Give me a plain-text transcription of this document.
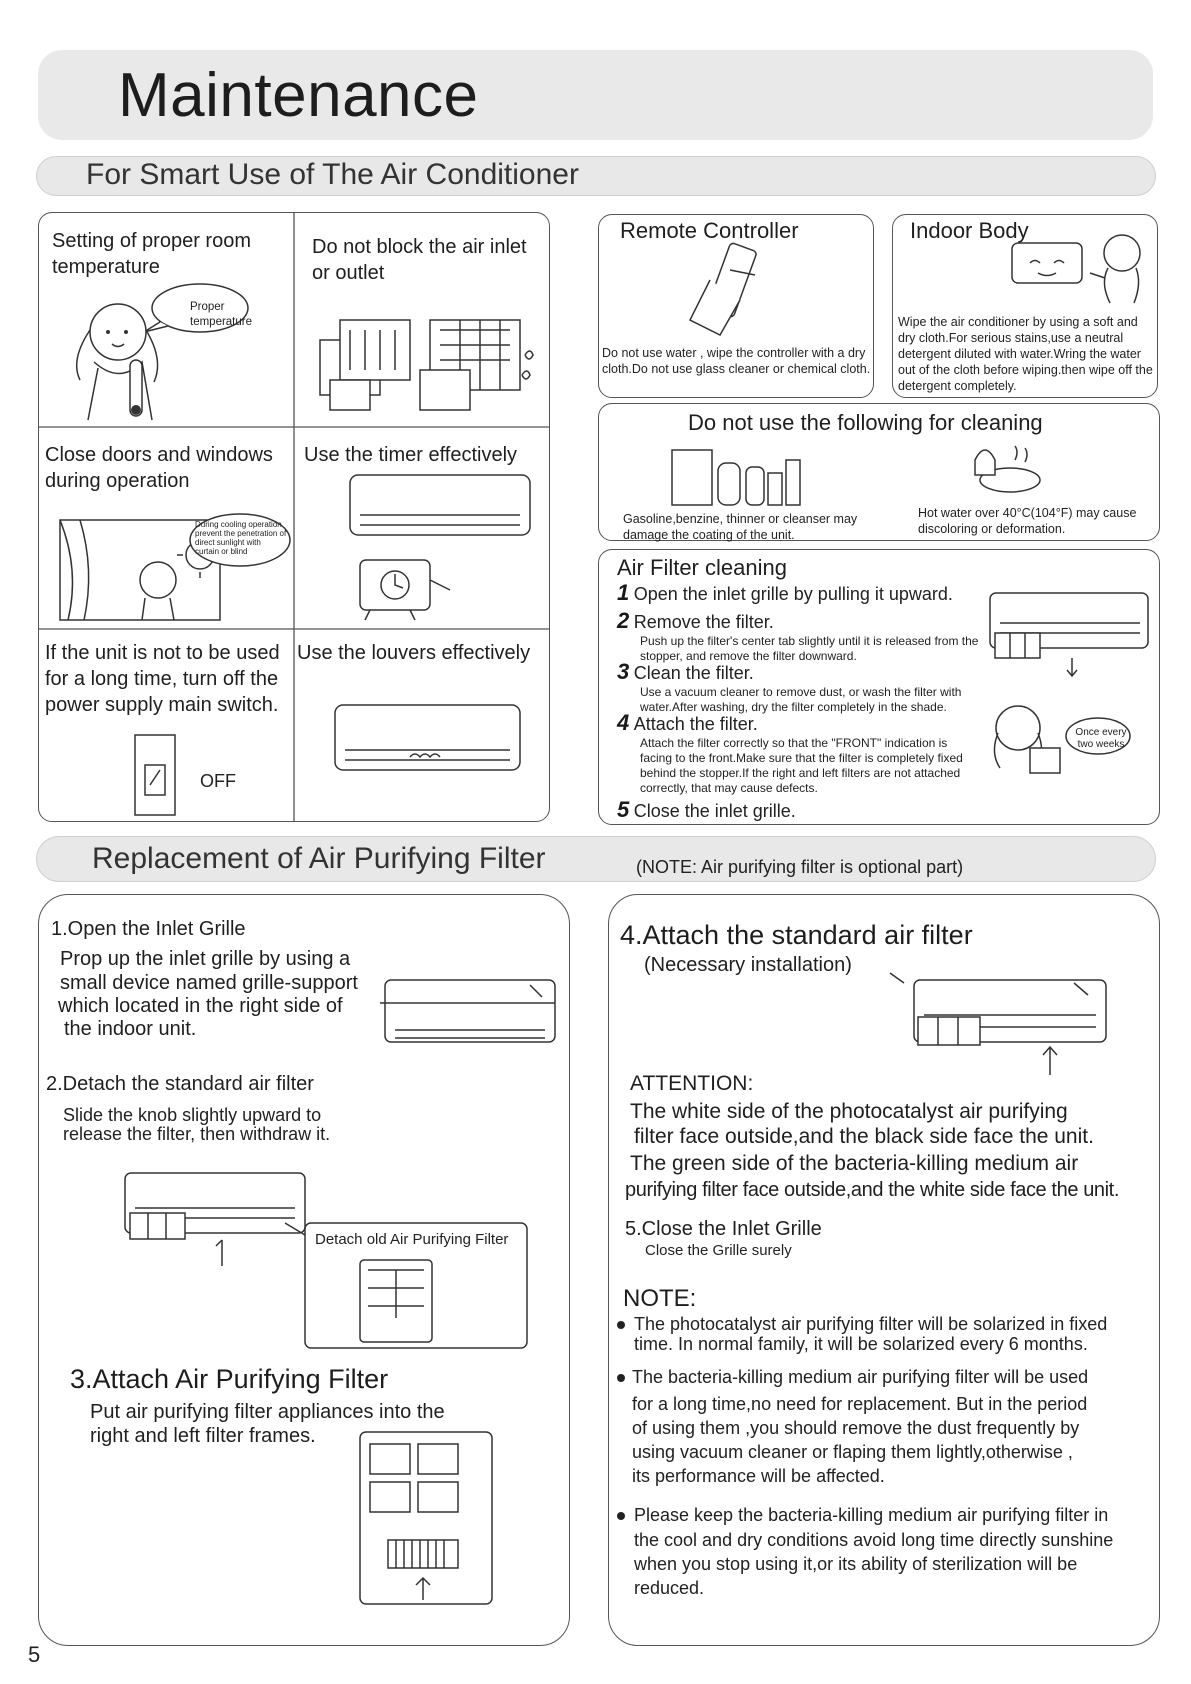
Maintenance
For Smart Use of The Air Conditioner
Setting of proper room temperature
Proper temperature
Do not block the air inlet or outlet
Close doors and windows during operation
During cooling operation prevent the penetration of direct sunlight with curtain or blind
Use the timer effectively
If the unit is not to be used for a long time, turn off the power supply main switch.
OFF
Use the louvers effectively
Remote Controller
Do not use water , wipe the controller with a dry cloth.Do not use glass cleaner or chemical cloth.
Indoor Body
Wipe the air conditioner by using a soft and dry cloth.For serious stains,use a neutral detergent diluted with water.Wring the water out of the cloth before wiping.then wipe off the detergent completely.
Do not use the following for cleaning
Gasoline,benzine, thinner or cleanser may damage the coating of the unit.
Hot water over 40°C(104°F) may cause discoloring or deformation.
Air Filter cleaning
1 Open the inlet grille by pulling it upward.
2 Remove the filter.
Push up the filter's center tab slightly until it is released from the stopper, and remove the filter downward.
3 Clean the filter.
Use a vacuum cleaner to remove dust, or wash the filter with water.After washing, dry the filter completely in the shade.
4 Attach the filter.
Attach the filter correctly so that the "FRONT" indication is facing to the front.Make sure that the filter is completely fixed behind the stopper.If the right and left filters are not attached correctly, that may cause defects.
5 Close the inlet grille.
Once every two weeks
Replacement of Air Purifying Filter	(NOTE: Air purifying filter is optional part)
1.Open the Inlet Grille
Prop up the inlet grille by using a
small device named grille-support
which located in the right side of
the indoor unit.
2.Detach the standard air filter
Slide the knob slightly upward to
release the filter, then withdraw it.
Detach old Air Purifying Filter
3.Attach Air Purifying Filter
Put air purifying filter appliances into the
right and left filter frames.
4.Attach the standard air filter
(Necessary installation)
ATTENTION:
The white side of the photocatalyst air purifying
filter face outside,and the black side face the unit.
The green side of the bacteria-killing medium air
purifying filter face outside,and the white side face the unit.
5.Close the Inlet Grille
Close the Grille surely
NOTE:
The photocatalyst air purifying filter will be solarized in fixed
time. In normal family, it will be solarized every 6 months.
The bacteria-killing medium air purifying filter will be used
for a long time,no need for replacement. But in the period
of using them ,you should remove the dust frequently by
using vacuum cleaner or flaping them lightly,otherwise ,
its performance will be affected.
Please keep the bacteria-killing medium air purifying filter in
the cool and dry conditions avoid long time directly sunshine
when you stop using it,or its ability of sterilization will be
reduced.
5
